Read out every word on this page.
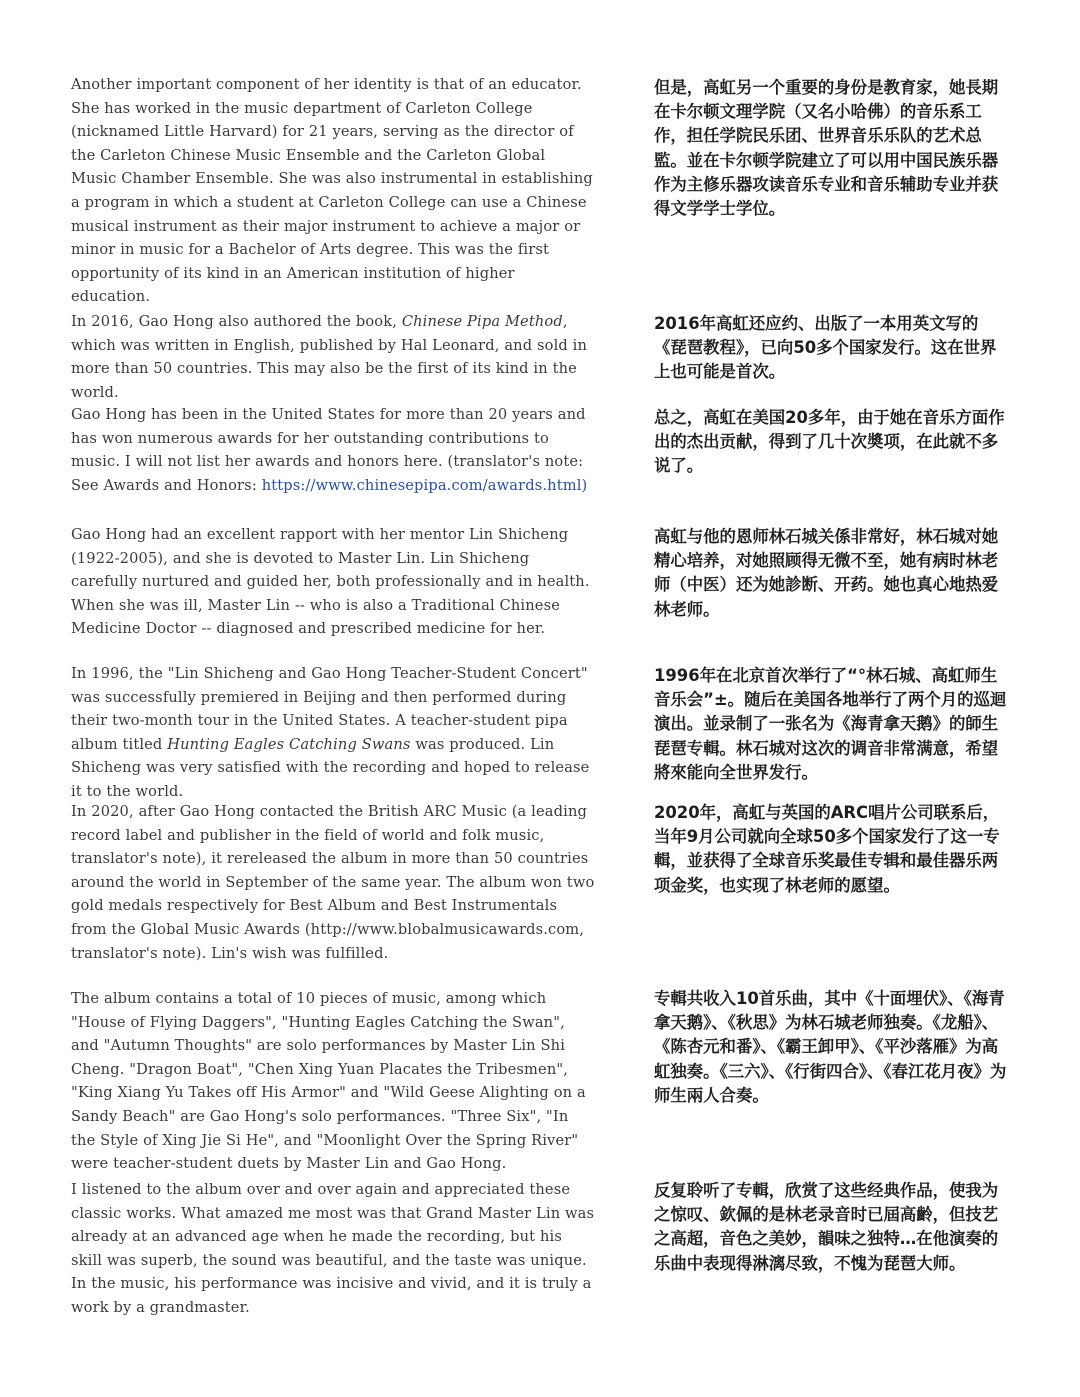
Another important component of her identity is that of an educator. She has worked in the music department of Carleton College (nicknamed Little Harvard) for 21 years, serving as the director of the Carleton Chinese Music Ensemble and the Carleton Global Music Chamber Ensemble. She was also instrumental in establishing a program in which a student at Carleton College can use a Chinese musical instrument as their major instrument to achieve a major or minor in music for a Bachelor of Arts degree. This was the first opportunity of its kind in an American institution of higher education.

In 2016, Gao Hong also authored the book, Chinese Pipa Method, which was written in English, published by Hal Leonard, and sold in more than 50 countries. This may also be the first of its kind in the world.

Gao Hong has been in the United States for more than 20 years and has won numerous awards for her outstanding contributions to music. I will not list her awards and honors here. (translator's note: See Awards and Honors: https://www.chinesepipa.com/awards.html)

Gao Hong had an excellent rapport with her mentor Lin Shicheng (1922-2005), and she is devoted to Master Lin. Lin Shicheng carefully nurtured and guided her, both professionally and in health. When she was ill, Master Lin -- who is also a Traditional Chinese Medicine Doctor -- diagnosed and prescribed medicine for her.

In 1996, the "Lin Shicheng and Gao Hong Teacher-Student Concert" was successfully premiered in Beijing and then performed during their two-month tour in the United States. A teacher-student pipa album titled Hunting Eagles Catching Swans was produced. Lin Shicheng was very satisfied with the recording and hoped to release it to the world.

In 2020, after Gao Hong contacted the British ARC Music (a leading record label and publisher in the field of world and folk music, translator's note), it rereleased the album in more than 50 countries around the world in September of the same year. The album won two gold medals respectively for Best Album and Best Instrumentals from the Global Music Awards (http://www.blobalmusicawards.com, translator's note). Lin's wish was fulfilled.

The album contains a total of 10 pieces of music, among which "House of Flying Daggers", "Hunting Eagles Catching the Swan", and "Autumn Thoughts" are solo performances by Master Lin Shi Cheng. "Dragon Boat", "Chen Xing Yuan Placates the Tribesmen", "King Xiang Yu Takes off His Armor" and "Wild Geese Alighting on a Sandy Beach" are Gao Hong's solo performances. "Three Six", "In the Style of Xing Jie Si He", and "Moonlight Over the Spring River" were teacher-student duets by Master Lin and Gao Hong.

I listened to the album over and over again and appreciated these classic works. What amazed me most was that Grand Master Lin was already at an advanced age when he made the recording, but his skill was superb, the sound was beautiful, and the taste was unique. In the music, his performance was incisive and vivid, and it is truly a work by a grandmaster.

但是，高虹另一个重要的身份是教育家，她長期在卡尔顿文理学院（又名小哈佛）的音乐系工作，担任学院民乐团、世界音乐乐队的艺术总監。並在卡尔顿学院建立了可以用中国民族乐器作为主修乐器攻读音乐专业和音乐辅助专业并获得文学学士学位。

2016年高虹还应约、出版了一本用英文写的《琵琶教程》，已向50多个国家发行。这在世界上也可能是首次。

总之，高虹在美国20多年，由于她在音乐方面作出的杰出贡献，得到了几十次奬项，在此就不多说了。

高虹与他的恩师林石城关係非常好，林石城对她精心培养，对她照顾得无微不至，她有病时林老师（中医）还为她診断、开药。她也真心地热爱林老师。

1996年在北京首次举行了“°林石城、高虹师生音乐会”±。随后在美国各地举行了两个月的巡迴演出。並录制了一张名为《海青拿天鹅》的師生琵琶专輯。林石城对这次的调音非常满意，希望將來能向全世界发行。

2020年，高虹与英国的ARC唱片公司联系后，当年9月公司就向全球50多个国家发行了这一专輯，並获得了全球音乐奖最佳专辑和最佳器乐两项金奖，也实现了林老师的愿望。

专輯共收入10首乐曲，其中《十面埋伏》、《海青拿天鹅》、《秋思》为林石城老师独奏。《龙船》、《陈杏元和番》、《霸王卸甲》、《平沙落雁》为高虹独奏。《三六》、《行街四合》、《春江花月夜》为师生兩人合奏。

反复聆听了专輯，欣赏了这些经典作品，使我为之惊叹、欽佩的是林老录音时已屆高齡，但技艺之高超，音色之美妙，韻味之独特…在他演奏的乐曲中表现得淋漓尽致，不愧为琵琶大师。
